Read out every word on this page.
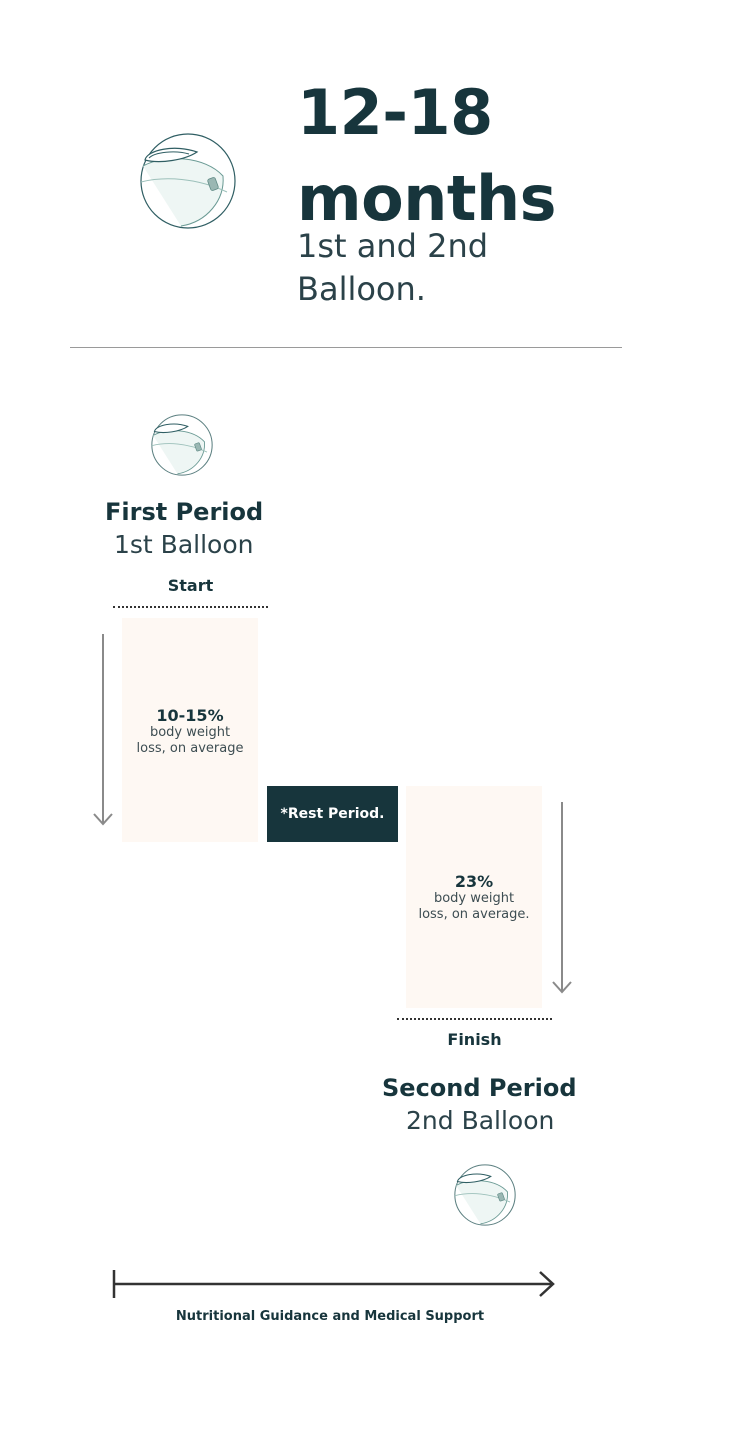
12-18
months
1st and 2nd
Balloon.
First Period
1st Balloon
Start
10-15%
body weight
loss, on average
*Rest Period.
23%
body weight
loss, on average.
Finish
Second Period
2nd Balloon
Nutritional Guidance and Medical Support
